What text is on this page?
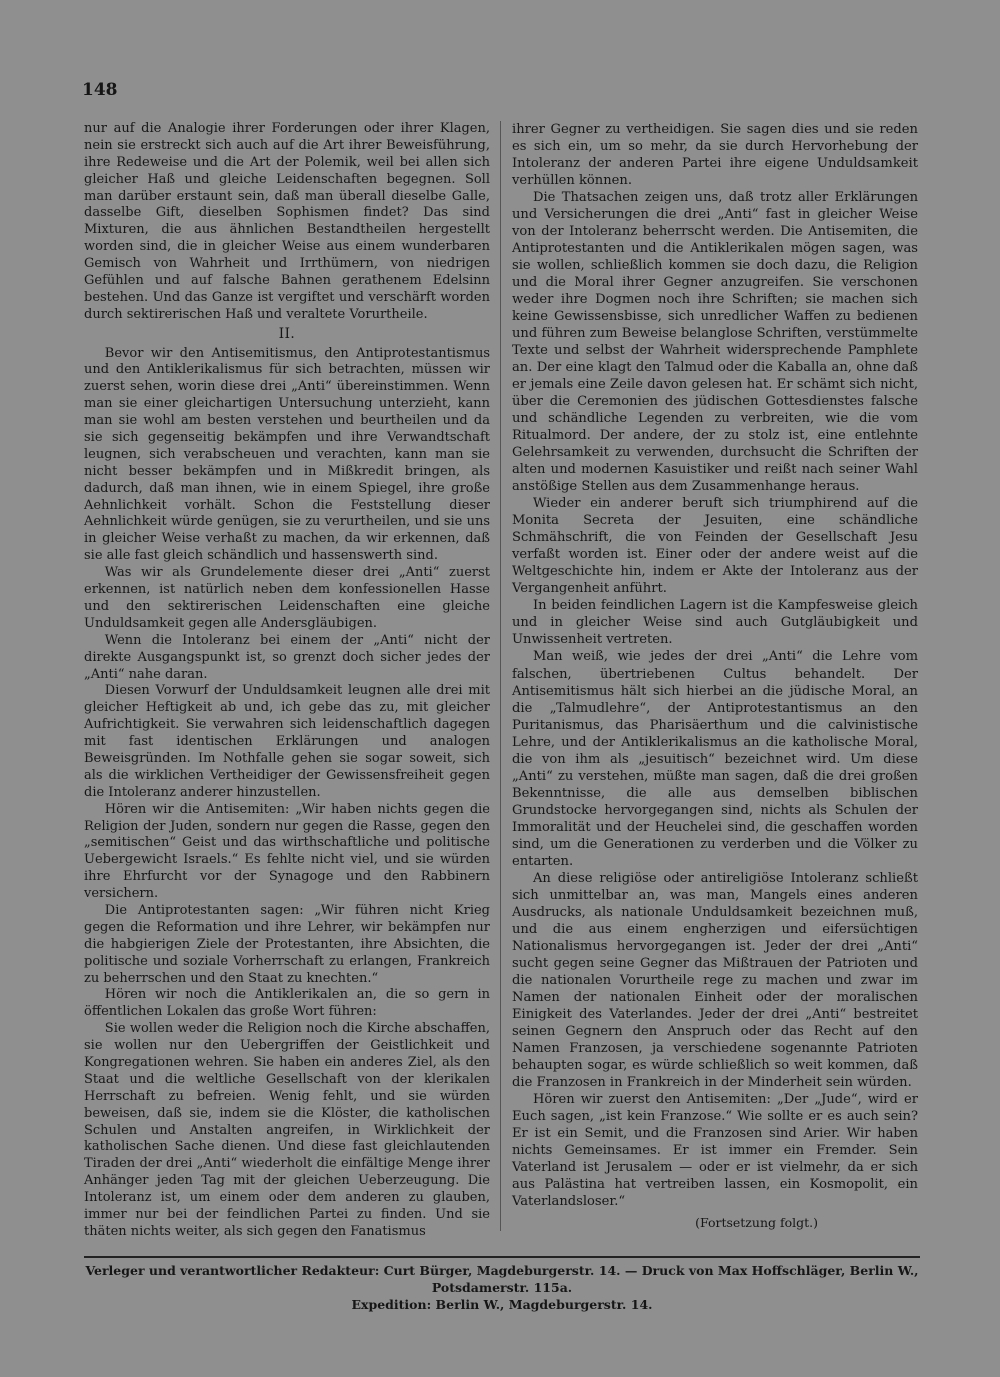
148

nur auf die Analogie ihrer Forderungen oder ihrer Klagen, nein sie erstreckt sich auch auf die Art ihrer Beweisführung, ihre Redeweise und die Art der Polemik, weil bei allen sich gleicher Haß und gleiche Leidenschaften begegnen. Soll man darüber erstaunt sein, daß man überall dieselbe Galle, dasselbe Gift, dieselben Sophismen findet? Das sind Mixturen, die aus ähnlichen Bestandtheilen hergestellt worden sind, die in gleicher Weise aus einem wunderbaren Gemisch von Wahrheit und Irrthümern, von niedrigen Gefühlen und auf falsche Bahnen gerathenem Edelsinn bestehen. Und das Ganze ist vergiftet und verschärft worden durch sektirerischen Haß und veraltete Vorurtheile.

II.

Bevor wir den Antisemitismus, den Antiprotestantismus und den Antiklerikalismus für sich betrachten, müssen wir zuerst sehen, worin diese drei „Anti“ übereinstimmen. Wenn man sie einer gleichartigen Untersuchung unterzieht, kann man sie wohl am besten verstehen und beurtheilen und da sie sich gegenseitig bekämpfen und ihre Verwandtschaft leugnen, sich verabscheuen und verachten, kann man sie nicht besser bekämpfen und in Mißkredit bringen, als dadurch, daß man ihnen, wie in einem Spiegel, ihre große Aehnlichkeit vorhält. Schon die Feststellung dieser Aehnlichkeit würde genügen, sie zu verurtheilen, und sie uns in gleicher Weise verhaßt zu machen, da wir erkennen, daß sie alle fast gleich schändlich und hassenswerth sind.

Was wir als Grundelemente dieser drei „Anti“ zuerst erkennen, ist natürlich neben dem konfessionellen Hasse und den sektirerischen Leidenschaften eine gleiche Unduldsamkeit gegen alle Andersgläubigen.

Wenn die Intoleranz bei einem der „Anti“ nicht der direkte Ausgangspunkt ist, so grenzt doch sicher jedes der „Anti“ nahe daran.

Diesen Vorwurf der Unduldsamkeit leugnen alle drei mit gleicher Heftigkeit ab und, ich gebe das zu, mit gleicher Aufrichtigkeit. Sie verwahren sich leidenschaftlich dagegen mit fast identischen Erklärungen und analogen Beweisgründen. Im Nothfalle gehen sie sogar soweit, sich als die wirklichen Vertheidiger der Gewissensfreiheit gegen die Intoleranz anderer hinzustellen.

Hören wir die Antisemiten: „Wir haben nichts gegen die Religion der Juden, sondern nur gegen die Rasse, gegen den „semitischen“ Geist und das wirthschaftliche und politische Uebergewicht Israels.“ Es fehlte nicht viel, und sie würden ihre Ehrfurcht vor der Synagoge und den Rabbinern versichern.

Die Antiprotestanten sagen: „Wir führen nicht Krieg gegen die Reformation und ihre Lehrer, wir bekämpfen nur die habgierigen Ziele der Protestanten, ihre Absichten, die politische und soziale Vorherrschaft zu erlangen, Frankreich zu beherrschen und den Staat zu knechten.“

Hören wir noch die Antiklerikalen an, die so gern in öffentlichen Lokalen das große Wort führen:

Sie wollen weder die Religion noch die Kirche abschaffen, sie wollen nur den Uebergriffen der Geistlichkeit und Kongregationen wehren. Sie haben ein anderes Ziel, als den Staat und die weltliche Gesellschaft von der klerikalen Herrschaft zu befreien. Wenig fehlt, und sie würden beweisen, daß sie, indem sie die Klöster, die katholischen Schulen und Anstalten angreifen, in Wirklichkeit der katholischen Sache dienen. Und diese fast gleichlautenden Tiraden der drei „Anti“ wiederholt die einfältige Menge ihrer Anhänger jeden Tag mit der gleichen Ueberzeugung. Die Intoleranz ist, um einem oder dem anderen zu glauben, immer nur bei der feindlichen Partei zu finden. Und sie thäten nichts weiter, als sich gegen den Fanatismus

ihrer Gegner zu vertheidigen. Sie sagen dies und sie reden es sich ein, um so mehr, da sie durch Hervorhebung der Intoleranz der anderen Partei ihre eigene Unduldsamkeit verhüllen können.

Die Thatsachen zeigen uns, daß trotz aller Erklärungen und Versicherungen die drei „Anti“ fast in gleicher Weise von der Intoleranz beherrscht werden. Die Antisemiten, die Antiprotestanten und die Antiklerikalen mögen sagen, was sie wollen, schließlich kommen sie doch dazu, die Religion und die Moral ihrer Gegner anzugreifen. Sie verschonen weder ihre Dogmen noch ihre Schriften; sie machen sich keine Gewissensbisse, sich unredlicher Waffen zu bedienen und führen zum Beweise belanglose Schriften, verstümmelte Texte und selbst der Wahrheit widersprechende Pamphlete an. Der eine klagt den Talmud oder die Kaballa an, ohne daß er jemals eine Zeile davon gelesen hat. Er schämt sich nicht, über die Ceremonien des jüdischen Gottesdienstes falsche und schändliche Legenden zu verbreiten, wie die vom Ritualmord. Der andere, der zu stolz ist, eine entlehnte Gelehrsamkeit zu verwenden, durchsucht die Schriften der alten und modernen Kasuistiker und reißt nach seiner Wahl anstößige Stellen aus dem Zusammenhange heraus.

Wieder ein anderer beruft sich triumphirend auf die Monita Secreta der Jesuiten, eine schändliche Schmähschrift, die von Feinden der Gesellschaft Jesu verfaßt worden ist. Einer oder der andere weist auf die Weltgeschichte hin, indem er Akte der Intoleranz aus der Vergangenheit anführt.

In beiden feindlichen Lagern ist die Kampfesweise gleich und in gleicher Weise sind auch Gutgläubigkeit und Unwissenheit vertreten.

Man weiß, wie jedes der drei „Anti“ die Lehre vom falschen, übertriebenen Cultus behandelt. Der Antisemitismus hält sich hierbei an die jüdische Moral, an die „Talmudlehre“, der Antiprotestantismus an den Puritanismus, das Pharisäerthum und die calvinistische Lehre, und der Antiklerikalismus an die katholische Moral, die von ihm als „jesuitisch“ bezeichnet wird. Um diese „Anti“ zu verstehen, müßte man sagen, daß die drei großen Bekenntnisse, die alle aus demselben biblischen Grundstocke hervorgegangen sind, nichts als Schulen der Immoralität und der Heuchelei sind, die geschaffen worden sind, um die Generationen zu verderben und die Völker zu entarten.

An diese religiöse oder antireligiöse Intoleranz schließt sich unmittelbar an, was man, Mangels eines anderen Ausdrucks, als nationale Unduldsamkeit bezeichnen muß, und die aus einem engherzigen und eifersüchtigen Nationalismus hervorgegangen ist. Jeder der drei „Anti“ sucht gegen seine Gegner das Mißtrauen der Patrioten und die nationalen Vorurtheile rege zu machen und zwar im Namen der nationalen Einheit oder der moralischen Einigkeit des Vaterlandes. Jeder der drei „Anti“ bestreitet seinen Gegnern den Anspruch oder das Recht auf den Namen Franzosen, ja verschiedene sogenannte Patrioten behaupten sogar, es würde schließlich so weit kommen, daß die Franzosen in Frankreich in der Minderheit sein würden.

Hören wir zuerst den Antisemiten: „Der „Jude“, wird er Euch sagen, „ist kein Franzose.“ Wie sollte er es auch sein? Er ist ein Semit, und die Franzosen sind Arier. Wir haben nichts Gemeinsames. Er ist immer ein Fremder. Sein Vaterland ist Jerusalem — oder er ist vielmehr, da er sich aus Palästina hat vertreiben lassen, ein Kosmopolit, ein Vaterlandsloser.“

(Fortsetzung folgt.)
Verleger und verantwortlicher Redakteur: Curt Bürger, Magdeburgerstr. 14. — Druck von Max Hoffschläger, Berlin W., Potsdamerstr. 115a.
Expedition: Berlin W., Magdeburgerstr. 14.
